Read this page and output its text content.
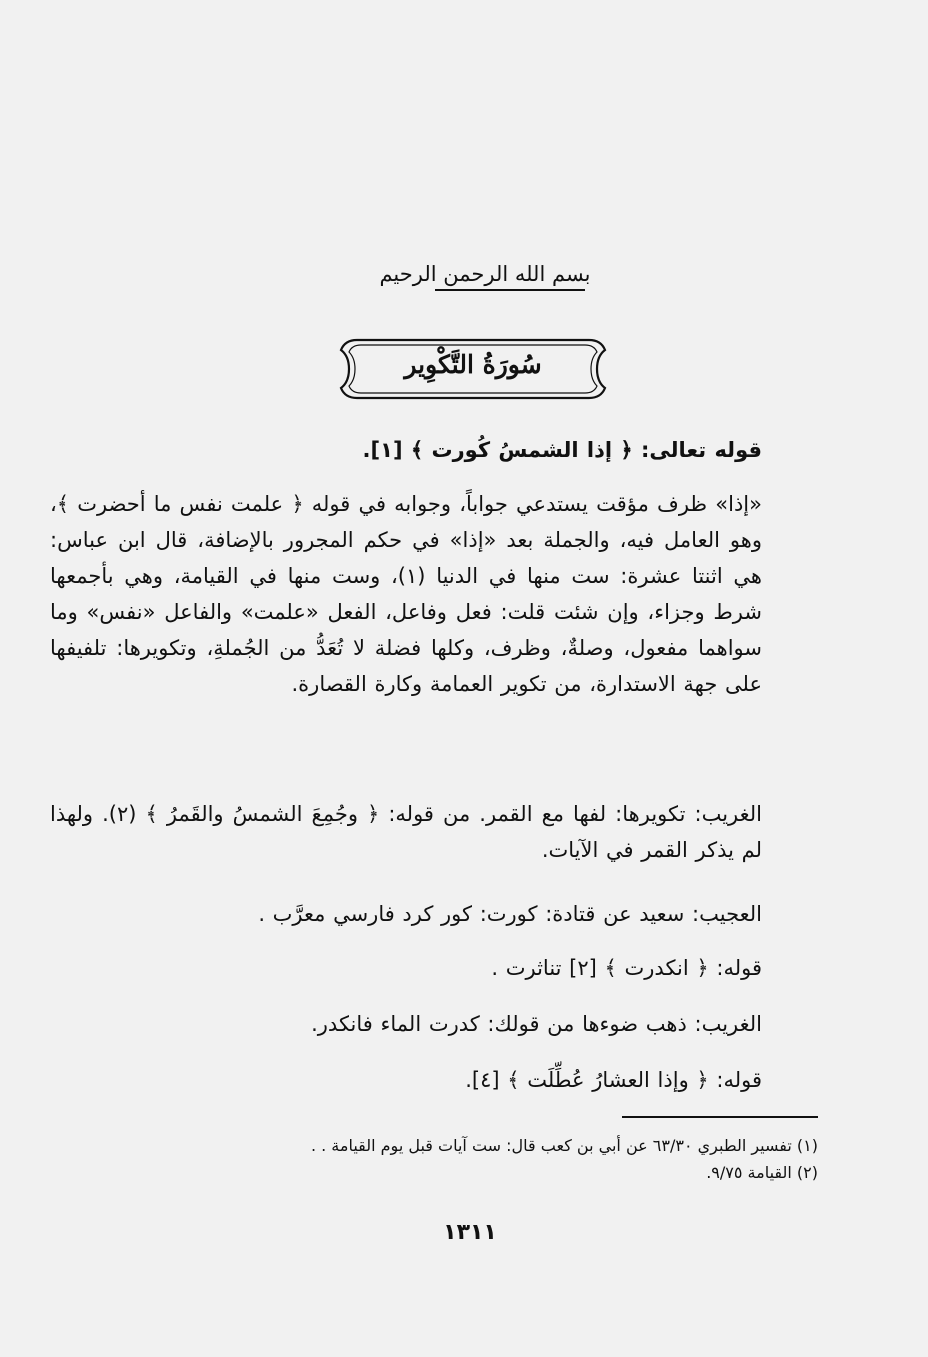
بسم الله الرحمن الرحيم
سُورَةُ التَّكْوِير
قوله تعالى: ﴿ إذا الشمسُ كُورت ﴾ [١].
«إذا» ظرف مؤقت يستدعي جواباً، وجوابه في قوله ﴿ علمت نفس ما أحضرت ﴾، وهو العامل فيه، والجملة بعد «إذا» في حكم المجرور بالإضافة، قال ابن عباس: هي اثنتا عشرة: ست منها في الدنيا (١)، وست منها في القيامة، وهي بأجمعها شرط وجزاء، وإن شئت قلت: فعل وفاعل، الفعل «علمت» والفاعل «نفس» وما سواهما مفعول، وصلةٌ، وظرف، وكلها فضلة لا تُعَدُّ من الجُملةِ، وتكويرها: تلفيفها على جهة الاستدارة، من تكوير العمامة وكارة القصارة.
الغريب: تكويرها: لفها مع القمر. من قوله: ﴿ وجُمِعَ الشمسُ والقَمرُ ﴾ (٢). ولهذا لم يذكر القمر في الآيات.
العجيب: سعيد عن قتادة: كورت: كور كرد فارسي معرَّب .
قوله: ﴿ انكدرت ﴾ [٢] تناثرت .
الغريب: ذهب ضوءها من قولك: كدرت الماء فانكدر.
قوله: ﴿ وإذا العشارُ عُطِّلَت ﴾ [٤].
(١) تفسير الطبري ٦٣/٣٠ عن أبي بن كعب قال: ست آيات قبل يوم القيامة . .
(٢) القيامة ٩/٧٥.
١٣١١
